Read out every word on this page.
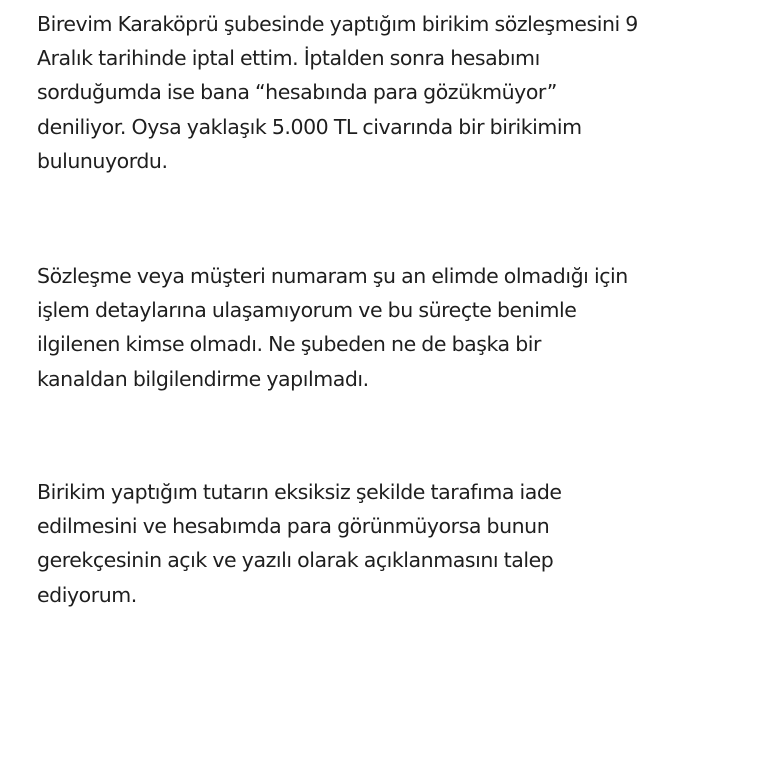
Birevim Karaköprü şubesinde yaptığım birikim sözleşmesini 9
Aralık tarihinde iptal ettim. İptalden sonra hesabımı
sorduğumda ise bana “hesabında para gözükmüyor”
deniliyor. Oysa yaklaşık 5.000 TL civarında bir birikimim
bulunuyordu.

Sözleşme veya müşteri numaram şu an elimde olmadığı için
işlem detaylarına ulaşamıyorum ve bu süreçte benimle
ilgilenen kimse olmadı. Ne şubeden ne de başka bir
kanaldan bilgilendirme yapılmadı.

Birikim yaptığım tutarın eksiksiz şekilde tarafıma iade
edilmesini ve hesabımda para görünmüyorsa bunun
gerekçesinin açık ve yazılı olarak açıklanmasını talep
ediyorum.
